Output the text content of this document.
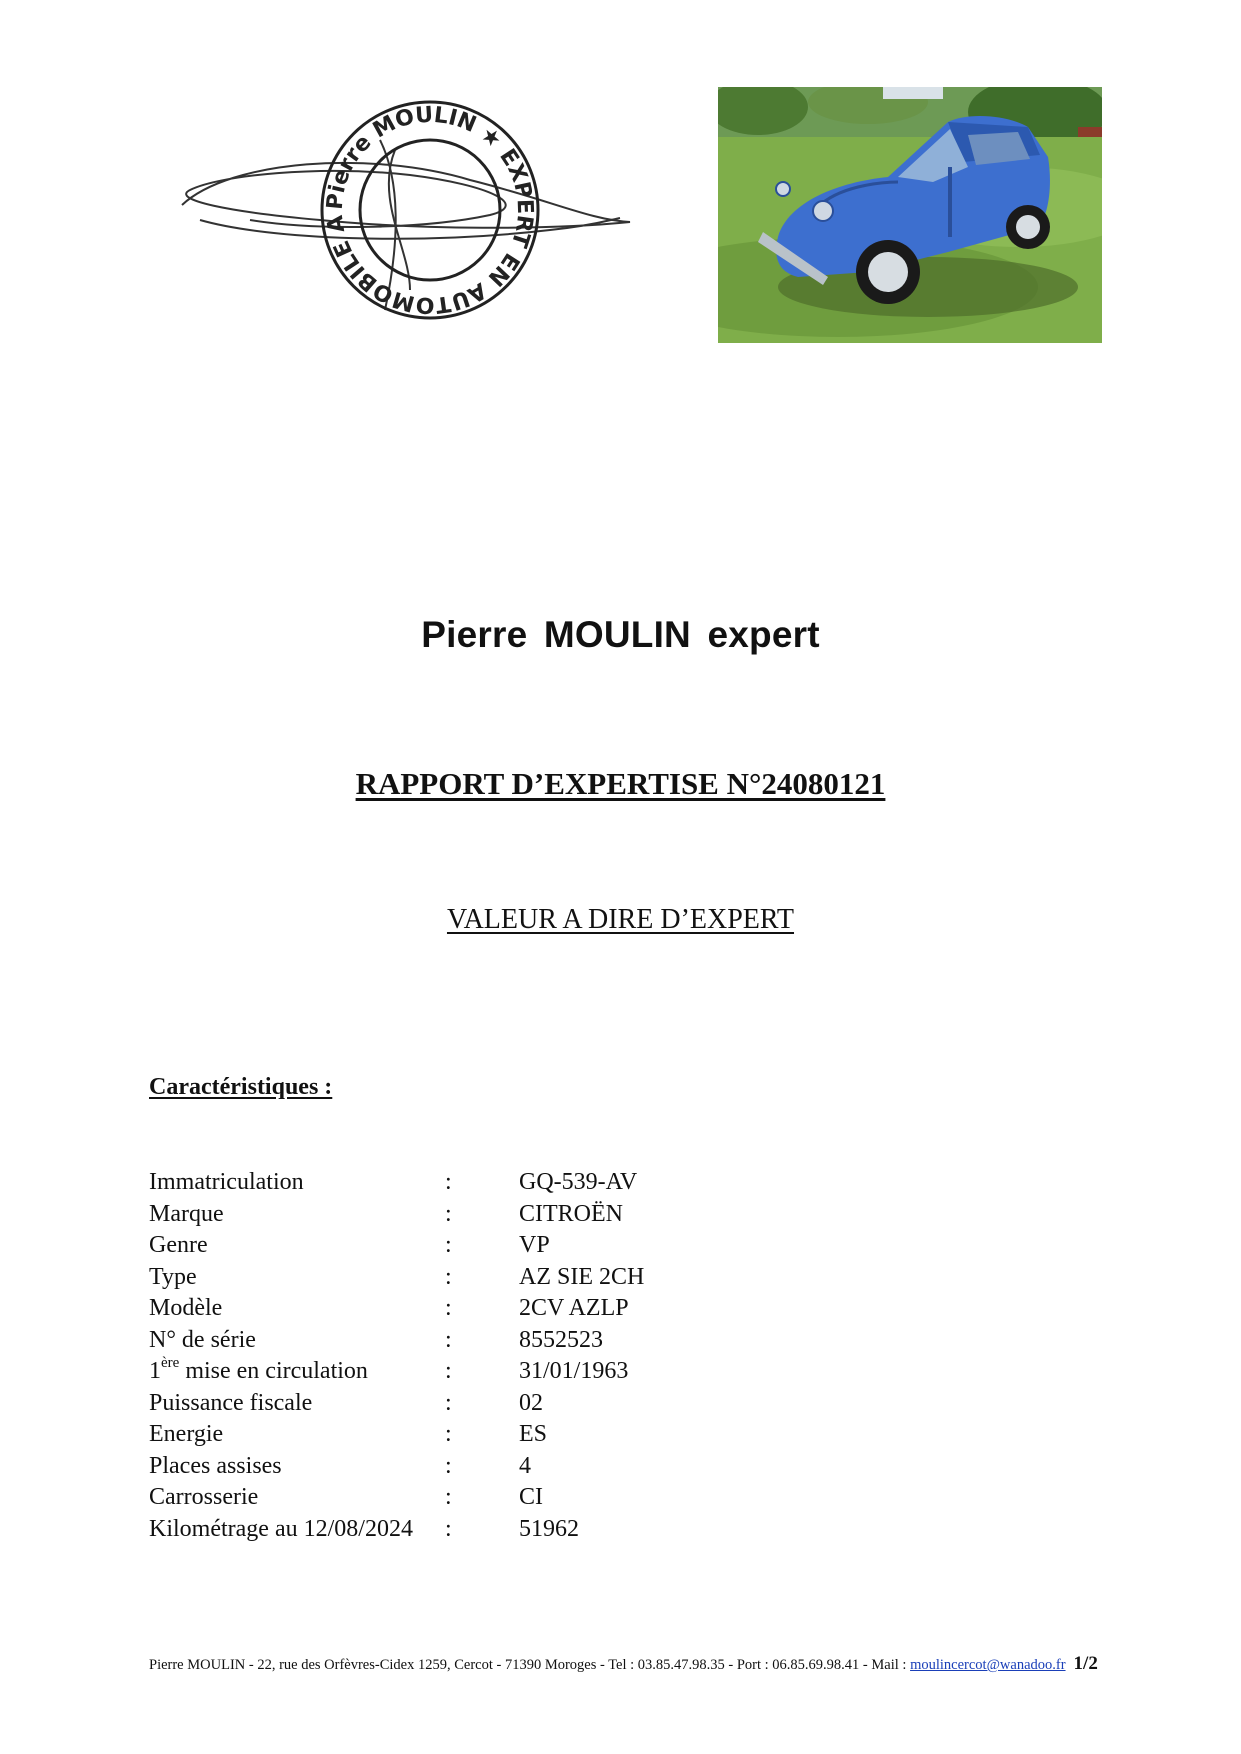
Pierre MOULIN ★ EXPERT EN AUTOMOBILE A
Pierre MOULIN expert
RAPPORT D’EXPERTISE N°24080121
VALEUR A DIRE D’EXPERT
Caractéristiques :
Immatriculation	:	GQ-539-AV
Marque	:	CITROËN
Genre	:	VP
Type	:	AZ SIE 2CH
Modèle	:	2CV AZLP
N° de série	:	8552523
1ère mise en circulation	:	31/01/1963
Puissance fiscale	:	02
Energie	:	ES
Places assises	:	4
Carrosserie	:	CI
Kilométrage au 12/08/2024	:	51962
Pierre MOULIN - 22, rue des Orfèvres-Cidex 1259, Cercot - 71390 Moroges - Tel : 03.85.47.98.35 - Port : 06.85.69.98.41 - Mail : moulincercot@wanadoo.fr 1/2
